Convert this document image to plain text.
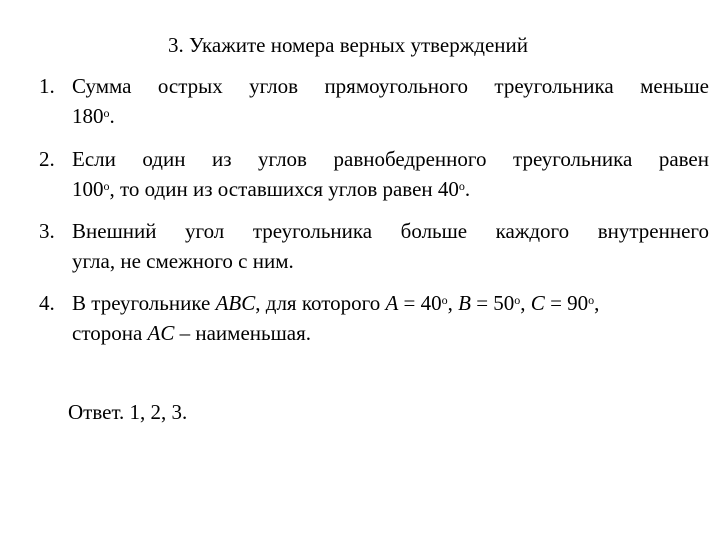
3. Укажите номера верных утверждений
1. Сумма острых углов прямоугольного треугольника меньше
$180^о$.
2. Если один из углов равнобедренного треугольника равен
$100^о$, то один из оставшихся углов равен $40^о$.
3. Внешний угол треугольника больше каждого внутреннего
угла, не смежного с ним.
4. В треугольнике ABC, для которого $A = 40^о$, $B = 50^о$, $C = 90^о$,
сторона AC – наименьшая.
Ответ. 1, 2, 3.
